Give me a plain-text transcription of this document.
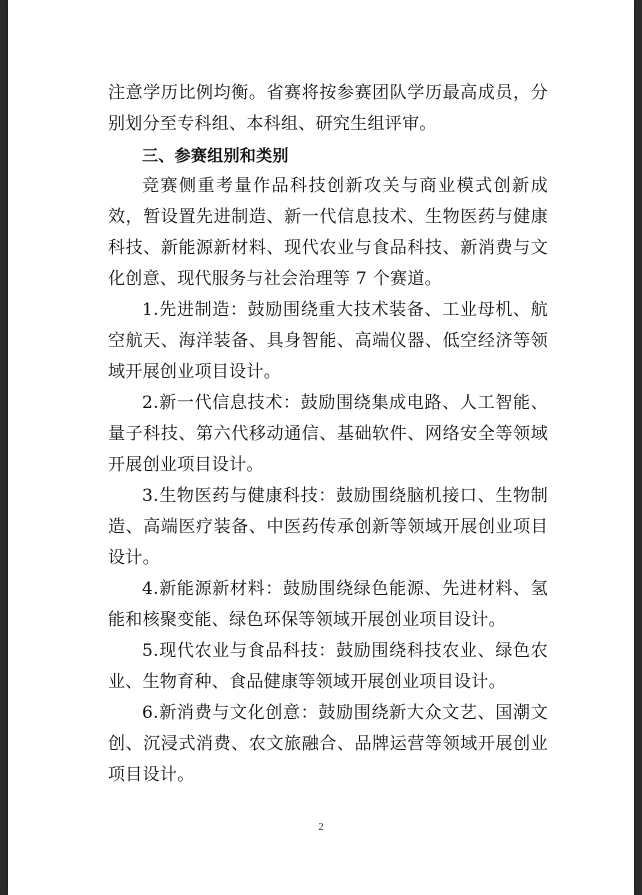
注意学历比例均衡。省赛将按参赛团队学历最高成员，分别划分至专科组、本科组、研究生组评审。

三、参赛组别和类别

竞赛侧重考量作品科技创新攻关与商业模式创新成效，暂设置先进制造、新一代信息技术、生物医药与健康科技、新能源新材料、现代农业与食品科技、新消费与文化创意、现代服务与社会治理等 7 个赛道。

1.先进制造：鼓励围绕重大技术装备、工业母机、航空航天、海洋装备、具身智能、高端仪器、低空经济等领域开展创业项目设计。

2.新一代信息技术：鼓励围绕集成电路、人工智能、量子科技、第六代移动通信、基础软件、网络安全等领域开展创业项目设计。

3.生物医药与健康科技：鼓励围绕脑机接口、生物制造、高端医疗装备、中医药传承创新等领域开展创业项目设计。

4.新能源新材料：鼓励围绕绿色能源、先进材料、氢能和核聚变能、绿色环保等领域开展创业项目设计。

5.现代农业与食品科技：鼓励围绕科技农业、绿色农业、生物育种、食品健康等领域开展创业项目设计。

6.新消费与文化创意：鼓励围绕新大众文艺、国潮文创、沉浸式消费、农文旅融合、品牌运营等领域开展创业项目设计。

2
